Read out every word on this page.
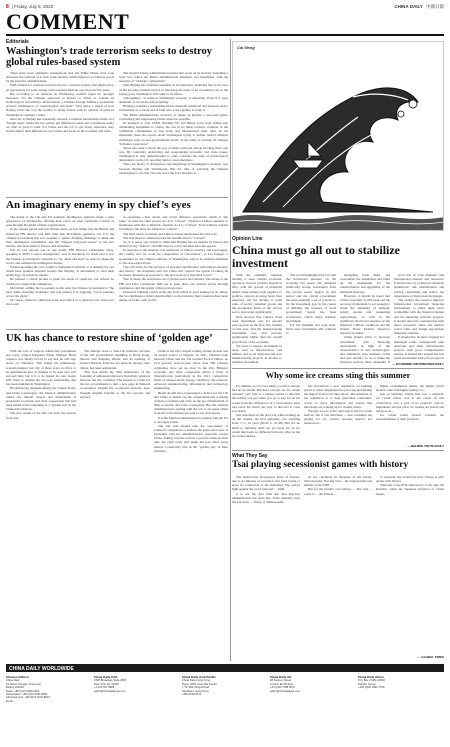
8 | Friday, July 8, 2022	CHINA DAILY 中國日報
COMMENT
Editorials
Washington’s trade terrorism seeks to destroy global rules-based system

There have been optimistic anticipations that the White House may soon announce the removal of at least some punitive tariffs imposed on Chinese goods by the previous administration.

Well-wishers for relations between the two countries believe that might allow an opportunity for some easing of the tensions built up over the past five years.

But according to an editorial on Wednesday, pundits urged for stronger measures. It's the Chinese approach to Russia to China to contain its technological and military advancement, a Chinese Foreign Ministry spokesman accused Washington of "technological terrorism". That gives a signal of how Beijing views the way the country is being treated with its opinion of some in Washington's strategic circles.

After all, as Beijing has repeatedly stressed, a bilateral relationship stands on a 'foreign basis', where the two parties put differences aside and concentrate solely on what is good to both. For China and the US to get along, therefore, they should shelve their differences over values and focus on the economy and trade.

The Donald Trump administration turned that focus on its head by launching a trade war, which the Biden administration inherited, and intensified, with the narrative of "strategic competition".

Still, Beijing has remained steadfast in its aspiration, believing that in the face of the growing evidence that it is following the track of an overturned cart as the saying goes, Washington will come to its senses.

"Decoupling," as some in Washington propose, is untenable. Even if it were attainable, it would be self-wounding.

Helping revitalize a relationship that is mutually beneficial and between such a relationship as a whole and of both who work together to forge it.

The Biden administration, however, is intent on playing a zero-sum game, confronting and suppressing China wherever possible.

Its attempts to stop ASML Holding NV and Nikon Corp from selling key chipmaking equipment to China, the one in its latest reckless violation of the committed commitment to free trade and international trade rules. In the meantime, there are reports about Washington trying to further restrict bilateral exchanges even on non-governmental levels, in the name of staving off Chinese "influence operations".

Those who seek to block the way of others will only end up blocking their own way. By constantly obstructing and weaponizing economic and trade issues, Washington is only demonstrating to other countries the risks of technological dependence on the US, spurring them to look elsewhere.

There are plenty of divergences and misgivings in Washington's strategic over between Beijing and Washington. But the idea of reducing the bilateral relationship to one that can only serve the US's interests is.

An imaginary enemy in spy chief’s eyes

The heads of the UK and US domestic intelligence agencies made a joint appearance on Wednesday, offering their views on what constitutes a threat as seen through the prism of their organizations.

In the current global national climate there are few things that the British and American FBI director and MI5 chief Ken McCallum, spelled it out. It is the Chinese government that now presents a "game-changing challenge" to them and their intelligence capabilities, and the "biggest long-term threat" to the two nations, and their allies in Europe and elsewhere.

Just in case anyone was in any doubt, FBI Director Christopher Wray, speaking at MI5's London headquarters, was in absolutely no doubt that it was the Chinese government's intention to "lie, cheat and steal" in order to shape the world, and outlined the intelligence threats.

Whilst espousing his own country's irrefutable intentions, it is unlikely the spy chiefs have genuine business leaders that Beijing "is determined to steal their technology, by whatever means".

He painted a verbal picture to plant the seeds of suspicion, but offered no evidence to support his allegations.

McCallum, adding his two-penny-worth, said, the Chinese government is "the most game-changing challenge" and was putting it in applying "covert pressure across the globe".

Of course, whatever China has done, and what it is or appears to do, these two have said.

as espionage, cyber attack, and covert influence operations, which is "the same" as what the other powers do. It is "a threat". Whatever Chinese students or businesses with ties to Western countries do it is "a threat". Even Chinese tourists traveling to the West are labeled as "a threat".

The West needs an enemy and China is being shoehorned into that role.

The first threat to American national reunification is "a threat".

So, it is never any reason to think that Beijing has an interest in Taiwan has abided by any "fashion"; the FBI director told journalists after the speech.

In response to the tensions over questions of China's territory and sovereignty, the country has "no room for compromise or concessions", as Liu Pengyu, a spokesman for the Chinese embassy in Washington, said in an emailed statement to The Associated Press.

"We will strive for the prospect of peaceful reunification with utmost sincerity and efforts," the statement said, but China will "reserve the option of taking all necessary measures in response to the provocation of separatist forces".

That is where the real threats are to global peace and stability. The duties of the FBI and UK's counterpart MI5 are to keep their own nations secure through intelligence and the design of the previous ones.

Instead of building castles in the sky from which to pour leaking oil on others, the two intelligence chiefs should reflect on the behavior their countries have been taking on in the outer world.

UK has chance to restore shine of ‘golden age’

With the loss of support within his government and party, United Kingdom Prime Minister Boris Johnson was finally forced to say that he will step down on Thursday. This brings his tumultuous, scandal-plagued, just shy of three years in office to an ignominious end. It remains to be seen who will succeed him, but it is to be hoped the new leader will strive to rebuild the two-way relationship that has been muddied in Washington.

By embracing unquestioningly the United States' anti-China bandwagon, the Johnson administration ruined the mutual respect and momentum of productive economic and trade cooperation that had been hailed as the beginning of a "golden age" in the China-UK relations.

The new leader of the UK can draw the lessons from that.

The damage done to Sino-UK relations, because of the UK government's meddling in Hong Kong, Taiwan and Xinjiang affairs, and its banning of China's Huawei from the 5G network among other things, has been substantial.

This year marks the 50th anniversary of the founding of ambassadorial-level diplomatic relations between the two countries. The present is a time for the two governments to turn a new page in bilateral cooperation. Despite the occasional setbacks, have brought tangible benefits to the two peoples and beyond.

China is the UK's largest trading partner in Asia and its largest source of imports. In 2021, bilateral trade between China and the UK reached $112.6 billion, up 21.9 percent year-on-year. More than 500 Chinese companies have set up shop in the UK. Bilateral economic and trade cooperation shows a trend of diversification particularly in the UK's competitive fields of transportation, energy, chemistry, life sciences, advanced manufacturing, information and technology engineering.

Brexit should have represented a chance for the UK and China to further tap the complementarity potential of their economies and carry on the good momentum of their economic and trade cooperation. But the Johnson administration's joining with the US to decouple China from the world market put paid to any such hopes.

It is the Johnson administration's joining with the US to decouple China.

The UK side should take the opportunity of Johnson's resignation to balance the gains and losses of persisting with his administration's approach toward China. Taking concrete actions to put the relations back onto the right track will make the past three years merely a temporary blip in the "golden age" of their relations.

Cai Meng
Opinion Line
China must go all out to stabilize investment

With the epidemic situation tending to ease, China's economic operation showed positive signals in May, with the growth of industrial added value turning from negative to positive, exports growing faster than expected, and the decline of retail sales of social consumer goods and the production index of the service sector narrowing significantly.

Data showed that China's fixed asset investment rose 6.2 percent year-on-year in the first five months of this year, and the manufacturing investment rose 10.6 percent, significantly higher than the overall growth rate of the economy.

We need to support investment in areas such as infrastructure, and utilities and to set high-end and new manufacturing projects in motion to stabilize investment.

The world highlighted the fact that the downward pressure on the economy has eased but remained stubbornly strong. Investment from the private sector lagged in that period and the central government has been planning a set of policies to fix the investment gap. In the course of building, the issuance of local government bonds has been accelerated, which helps stabilize investment.

For the medium and long term, fixed asset investment will continue to

strengthen weak links, and consolidate the foundation and build up the momentum for the transformation and upgrading of the industrial structure.

However, it should be noted that China's economy is still weak and the recovery momentum is not enough to break the shrinking of demand, supply shocks and weakening expectations, as well as the significant downward pressure on the financial. Climate conditions and the United States Federal Reserve's interest rate hikes.

China should strive to innovate investment and financing mechanisms in light of the characteristics of new technologies, new industries, new business forms and new models, so as to make the financial services more adaptable. It

good use of both domestic and international markets and resources. It should also try to improve financial institutions' risk identification and pricing capabilities and reduce the dependence of fixed asset mortgages.

The country also needs to improve infrastructure investment financing mechanisms to make them more compatible with the financial market and the financing structure projects. It should take into consideration both direct economic value and indirect social value and design appropriate financing schemes.

It should also be more targeted for municipal roads, underground pipe networks and other infrastructure projects with good comprehensive returns. It should also expand the real estate investment trust pilot project in

— ECONOMIC INFORMATION DAILY
Why some ice creams sting this summer

It's summer, so it is very likely you have already had an ice cream. But have you got an "ice cream assassin" yet? That is a phrase coined to describe the feeling you get when you go to pay for an ice cream from the refrigerator of a convenience store and reach the check out only to discover it costs you dearly.

One merchant on the price tag while nothing up on the creams, the first generally cost anything from 3 to 10 yuan ($0.45 to $1.49). But it's no harm to suddenly shell out yet more for an ice cream that looks no different from any other on the ice cream shelves.

has introduced a new regulation on labeling prices to better implement the price tag and finding the impact from local fake prices. The intention of the regulation is to help guarantee consumers' access to price information and ensure that merchants are looking up ice creams prices.

The key now is at the right tags to the ice cream shelves, but if one merchant ... sees consumer are paying for ice creams because they've not understood...

higher consumption ability, but higher prices should come with higher quality too.

Just on Saturday, Zhong Xue Gao, a domestic ice cream brand, was at the center of this controversy over a post of its products' cost-of-ingredients and the price ice creams are priced and rising as on...

Ice cream brand should consider the reasonableness of their products...

— BEIJING YOUTH DAILY
What They Say
Tsai playing secessionist games with history

The Democratic Progressive Party of Taiwan, due to its mission of secession, has been trying to erase its connection to the mainland. The party's fight against the word 'national' ... 1949.

It is not the first time the Tsai Ing-wen administration has done this. Tsai's authority uses the Lin Zexu ... Treaty of Shimonoseki.

At the ceremony in Taoyuan of the Island, Taiwan leader Tsai Ing-wen ... the expected the real number of the DPP ...

But for the island's own history ... The only ... cause to ... the Taiwan ...

to seriously, she would not have chosen to give up her with history.

Thursday is the 85th anniversary of the July 7th Incident, when the Japanese invasion of China began...

— GLOBAL TIMES
CHINA DAILY WORLDWIDE
Chinese Edition
China Daily
15 Huixin Dongjie, Chaoyang
Beijing 100029
News: +86 (0)10 6499-5000
Subscription: +86 (0)10 6491-8301
Advertisement: +86 (0)10 6491-8631
Email: ...
China Daily USA
1500 Broadway Suite 2800
New York, NY 10036
+1 212 537 8888
editor@chinadailyusa.com
China Daily Asia Pacific
China Daily Hong Kong
Room 1818, Hing Wai Centre
7 Tin Wan Praya Road
Aberdeen, Hong Kong
+852 2518 5111
China Daily UK
90 Cannon Street
London EC4N 6HA
+44 (0)20 7398 8270
editor@chinadailyuk.com
China Daily Africa
P.O. Box 27281-00506
Nairobi, Kenya
+254 (0)20 3522 7578
